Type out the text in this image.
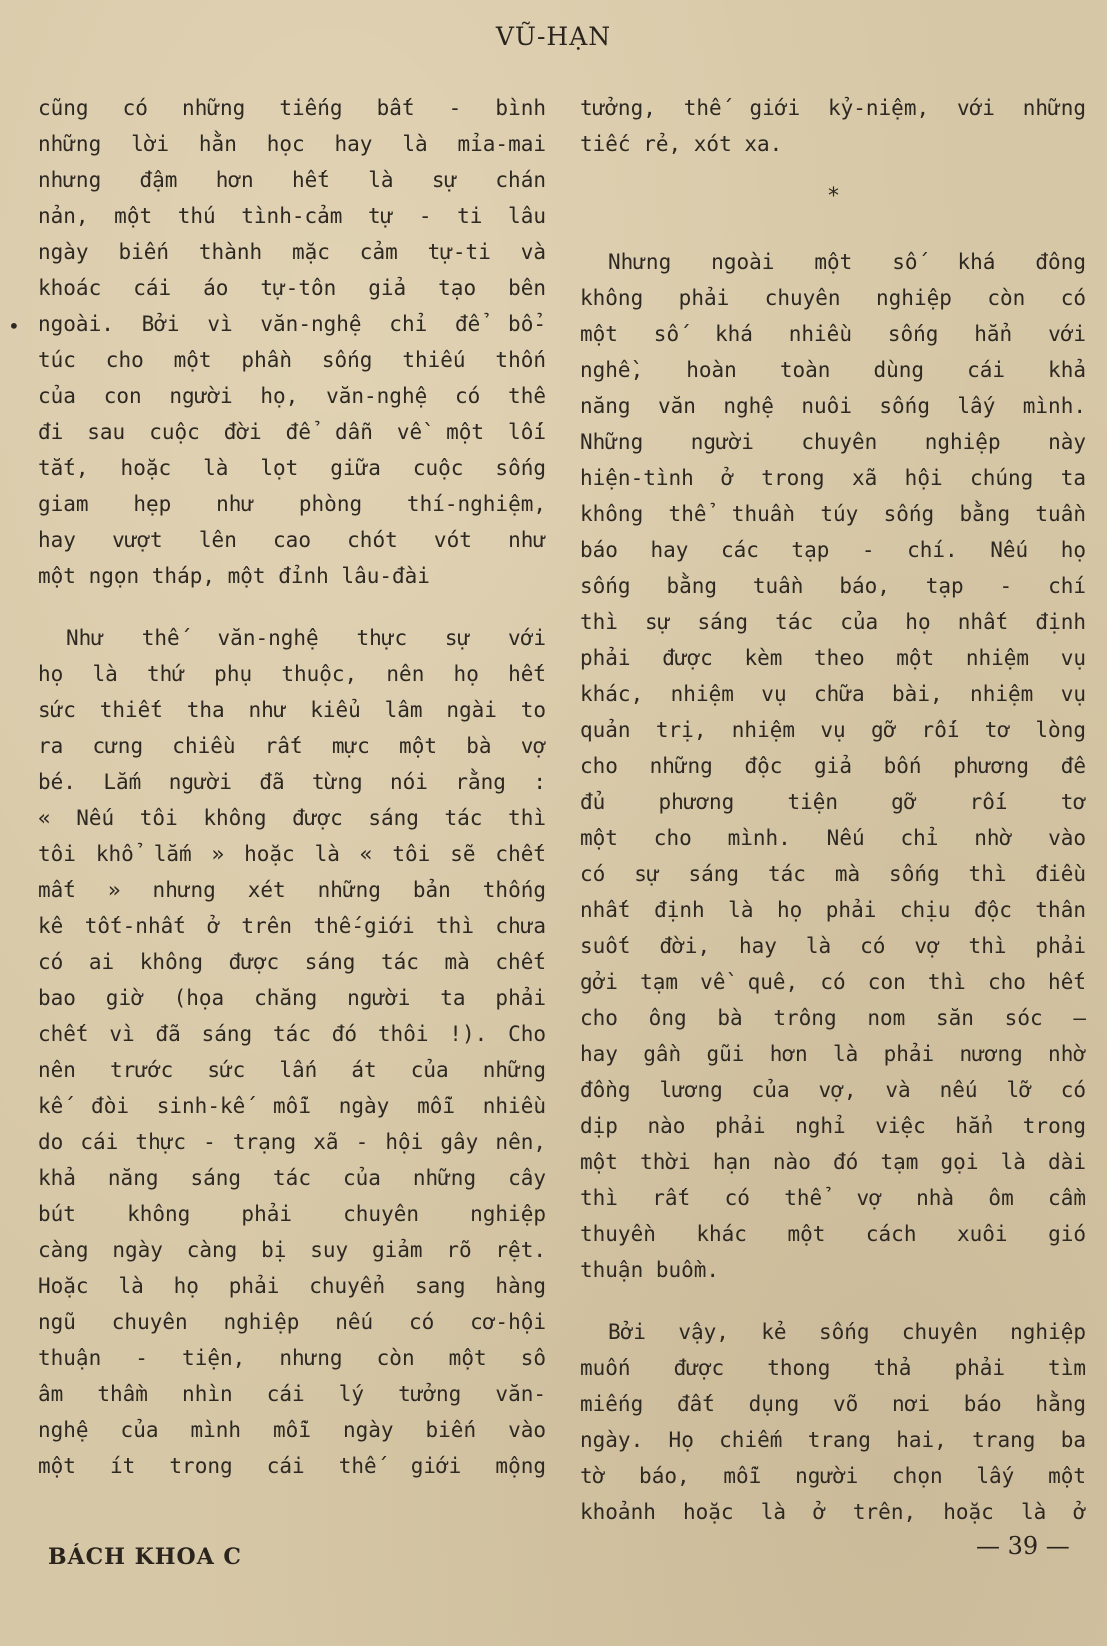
VŨ-HẠN
•
cũng có những tiếng bất - bình
những lời hằn học hay là mỉa-mai
nhưng đậm hơn hết là sự chán
nản, một thú tình-cảm tự - ti lâu
ngày biến thành mặc cảm tự-ti và
khoác cái áo tự-tôn giả tạo bên
ngoài. Bởi vì văn-nghệ chỉ để bổ-
túc cho một phần sống thiếu thốn
của con người họ, văn-nghệ có thể
đi sau cuộc đời để dẫn về một lối
tắt, hoặc là lọt giữa cuộc sống
giam hẹp như phòng thí-nghiệm,
hay vượt lên cao chót vót như
một ngọn tháp, một đỉnh lâu-đài
Như thế văn-nghệ thực sự với
họ là thứ phụ thuộc, nên họ hết
sức thiết tha như kiểu lâm ngài to
ra cưng chiều rất mực một bà vợ
bé. Lắm người đã từng nói rằng :
« Nếu tôi không được sáng tác thì
tôi khổ lắm » hoặc là « tôi sẽ chết
mất » nhưng xét những bản thống
kê tốt-nhất ở trên thế-giới thì chưa
có ai không được sáng tác mà chết
bao giờ (họa chăng người ta phải
chết vì đã sáng tác đó thôi !). Cho
nên trước sức lấn át của những
kế đòi sinh-kế mỗi ngày mỗi nhiều
do cái thực - trạng xã - hội gây nên,
khả năng sáng tác của những cây
bút không phải chuyên nghiệp
càng ngày càng bị suy giảm rõ rệt.
Hoặc là họ phải chuyển sang hàng
ngũ chuyên nghiệp nếu có cơ-hội
thuận - tiện, nhưng còn một số
âm thầm nhìn cái lý tưởng văn-
nghệ của mình mỗi ngày biến vào
một ít trong cái thế giới mộng
tưởng, thế giới kỷ-niệm, với những
tiếc rẻ, xót xa.
Nhưng ngoài một số khá đông
không phải chuyên nghiệp còn có
một số khá nhiều sống hẳn với
nghề, hoàn toàn dùng cái khả
năng văn nghệ nuôi sống lấy mình.
Những người chuyên nghiệp này
hiện-tình ở trong xã hội chúng ta
không thể thuần túy sống bằng tuần
báo hay các tạp - chí. Nếu họ
sống bằng tuần báo, tạp - chí
thì sự sáng tác của họ nhất định
phải được kèm theo một nhiệm vụ
khác, nhiệm vụ chữa bài, nhiệm vụ
quản trị, nhiệm vụ gỡ rối tơ lòng
cho những độc giả bốn phương để
đủ phương tiện gỡ rối tơ
một cho mình. Nếu chỉ nhờ vào
có sự sáng tác mà sống thì điều
nhất định là họ phải chịu độc thân
suốt đời, hay là có vợ thì phải
gởi tạm về quê, có con thì cho hết
cho ông bà trông nom săn sóc —
hay gần gũi hơn là phải nương nhờ
đồng lương của vợ, và nếu lỡ có
dịp nào phải nghỉ việc hẳn trong
một thời hạn nào đó tạm gọi là dài
thì rất có thể vợ nhà ôm cầm
thuyền khác một cách xuôi gió
thuận buồm.
Bởi vậy, kẻ sống chuyên nghiệp
muốn được thong thả phải tìm
miếng đất dụng võ nơi báo hằng
ngày. Họ chiếm trang hai, trang ba
tờ báo, mỗi người chọn lấy một
khoảnh hoặc là ở trên, hoặc là ở
*
BÁCH KHOA C	— 39 —
